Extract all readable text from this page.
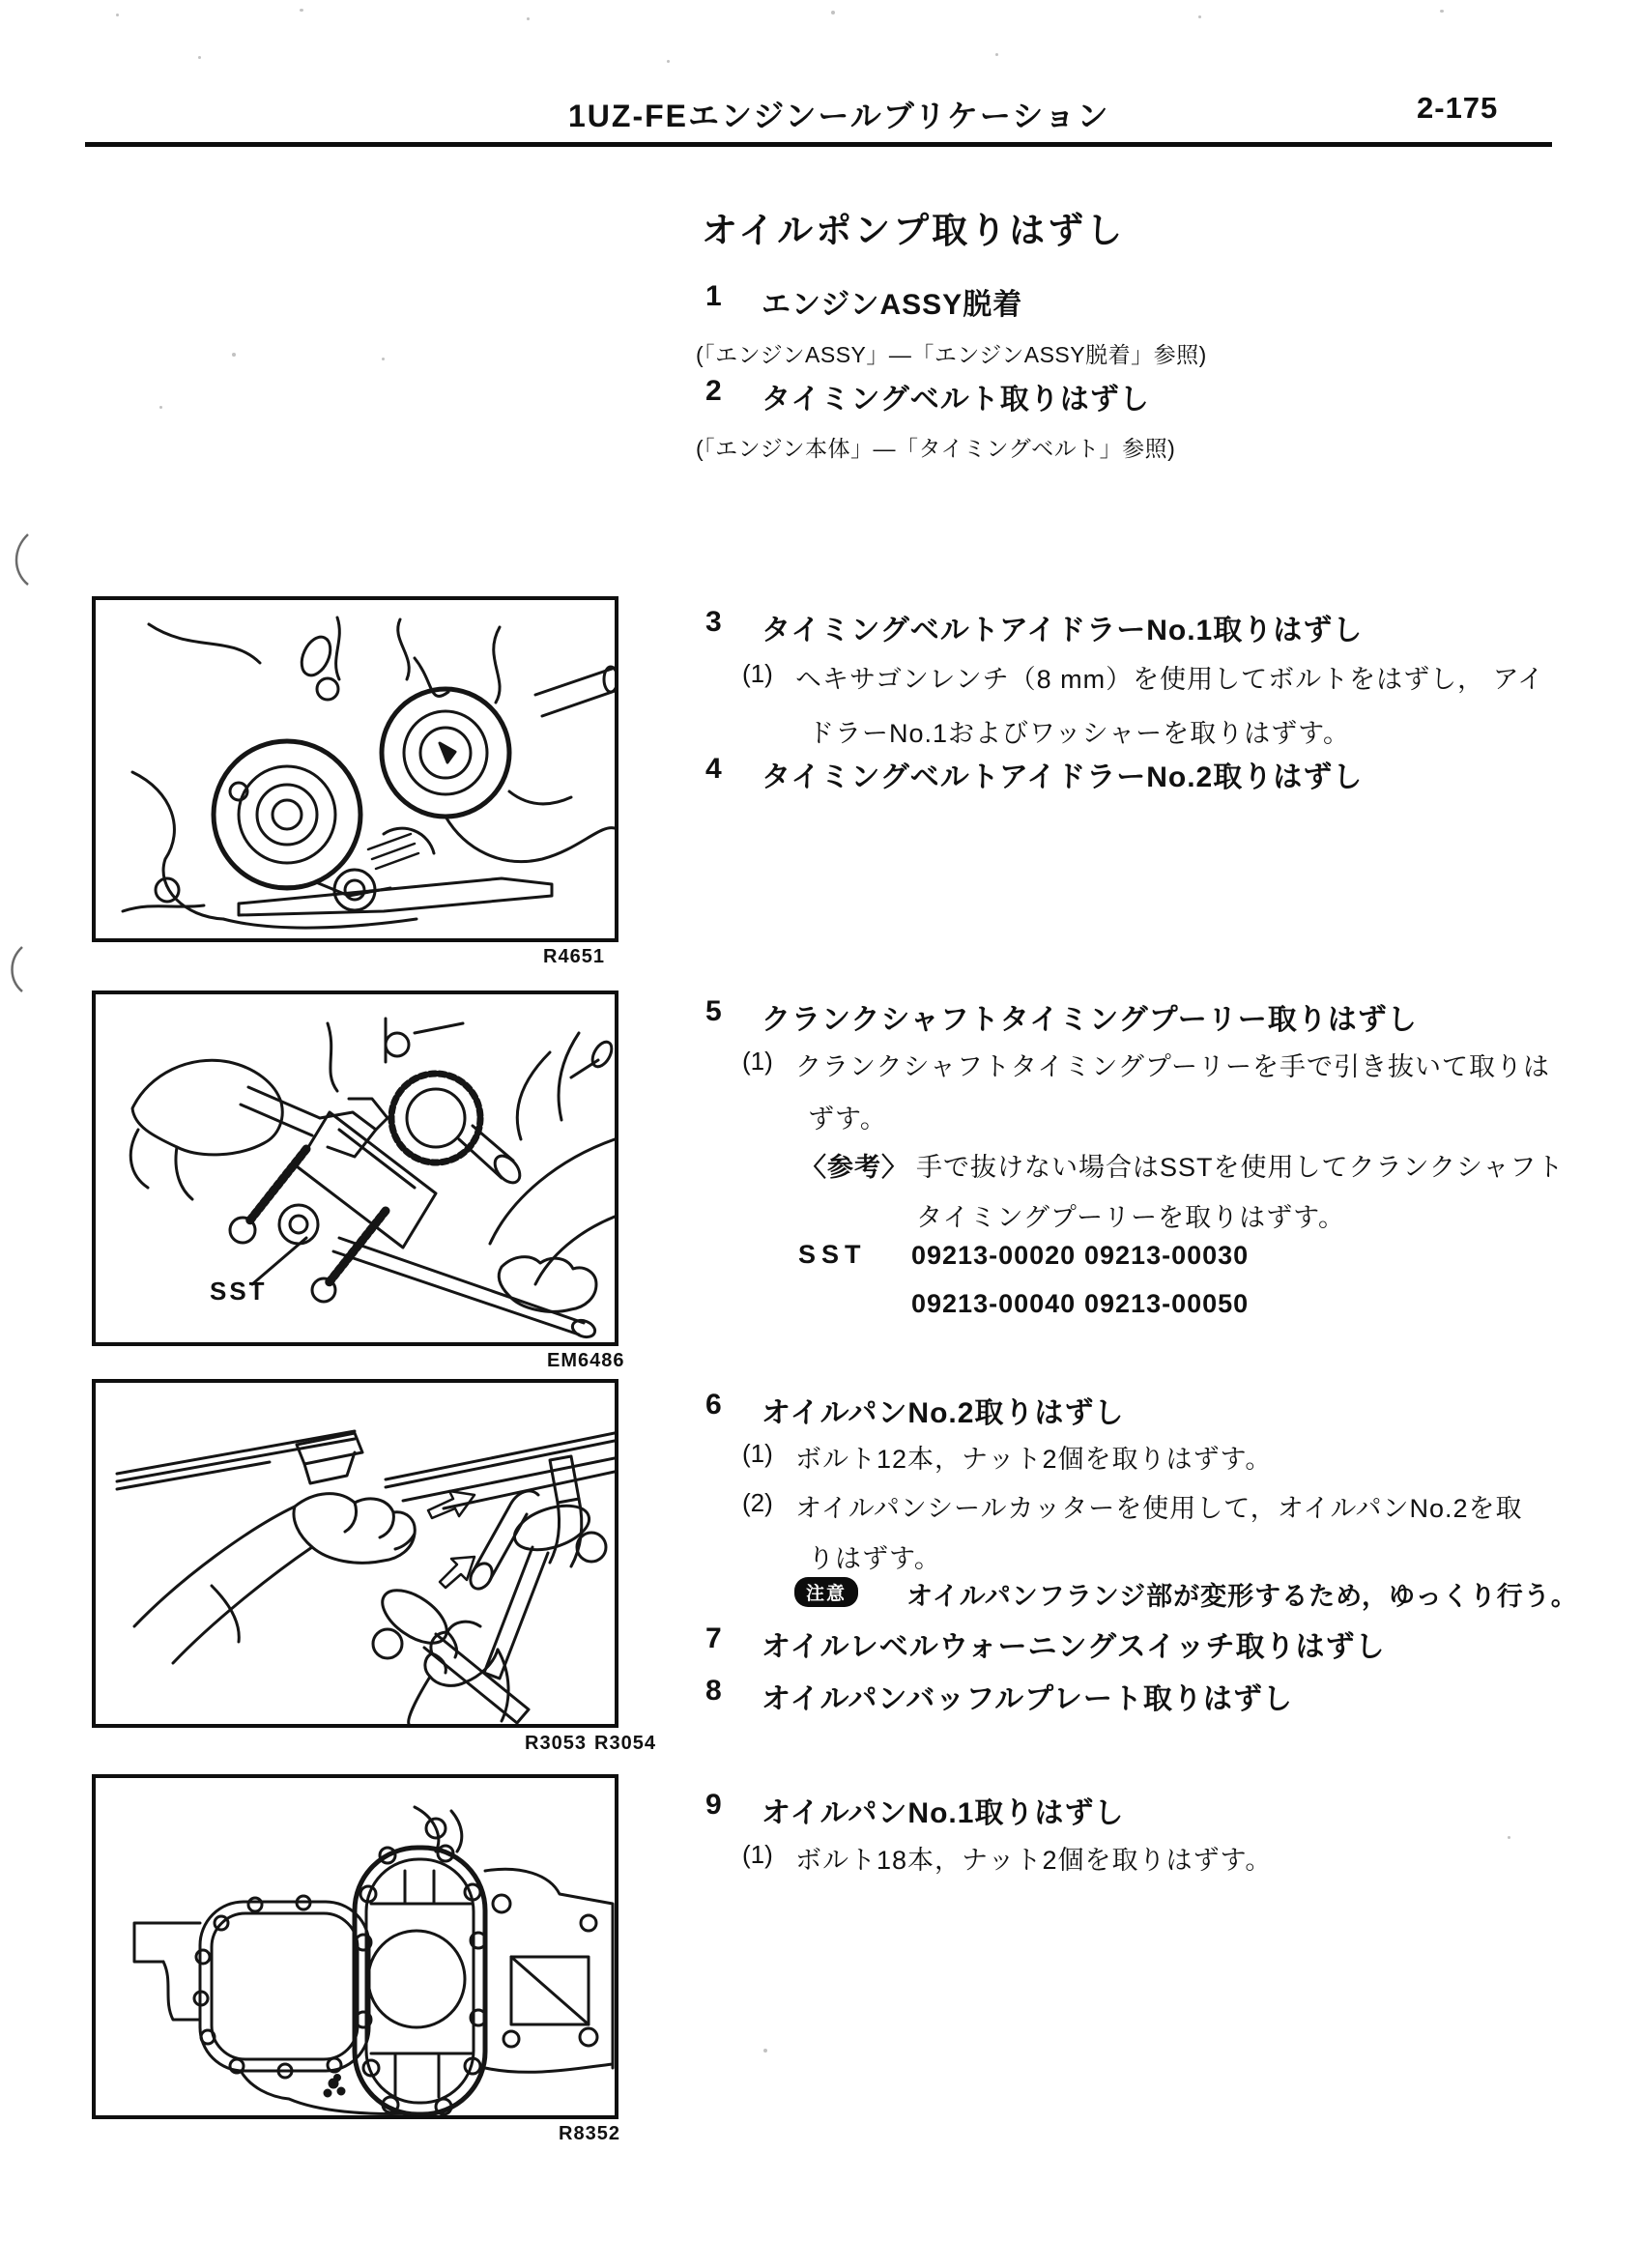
1UZ-FEエンジンールブリケーション	2-175
オイルポンプ取りはずし
1 エンジンASSY脱着
(「エンジンASSY」―「エンジンASSY脱着」参照)
2 タイミングベルト取りはずし
(「エンジン本体」―「タイミングベルト」参照)
R4651
3 タイミングベルトアイドラーNo.1取りはずし
(1) ヘキサゴンレンチ（8 mm）を使用してボルトをはずし， アイ
ドラーNo.1およびワッシャーを取りはずす。
4 タイミングベルトアイドラーNo.2取りはずし
SST
EM6486
5 クランクシャフトタイミングプーリー取りはずし
(1) クランクシャフトタイミングプーリーを手で引き抜いて取りは
ずす。
〈参考〉 手で抜けない場合はSSTを使用してクランクシャフト
タイミングプーリーを取りはずす。
SST 09213-00020 09213-00030
09213-00040 09213-00050
R3053 R3054
6 オイルパンNo.2取りはずし
(1) ボルト12本，ナット2個を取りはずす。
(2) オイルパンシールカッターを使用して，オイルパンNo.2を取
りはずす。
注意	オイルパンフランジ部が変形するため，ゆっくり行う。
7 オイルレベルウォーニングスイッチ取りはずし
8 オイルパンバッフルプレート取りはずし
R8352
9 オイルパンNo.1取りはずし
(1) ボルト18本，ナット2個を取りはずす。
